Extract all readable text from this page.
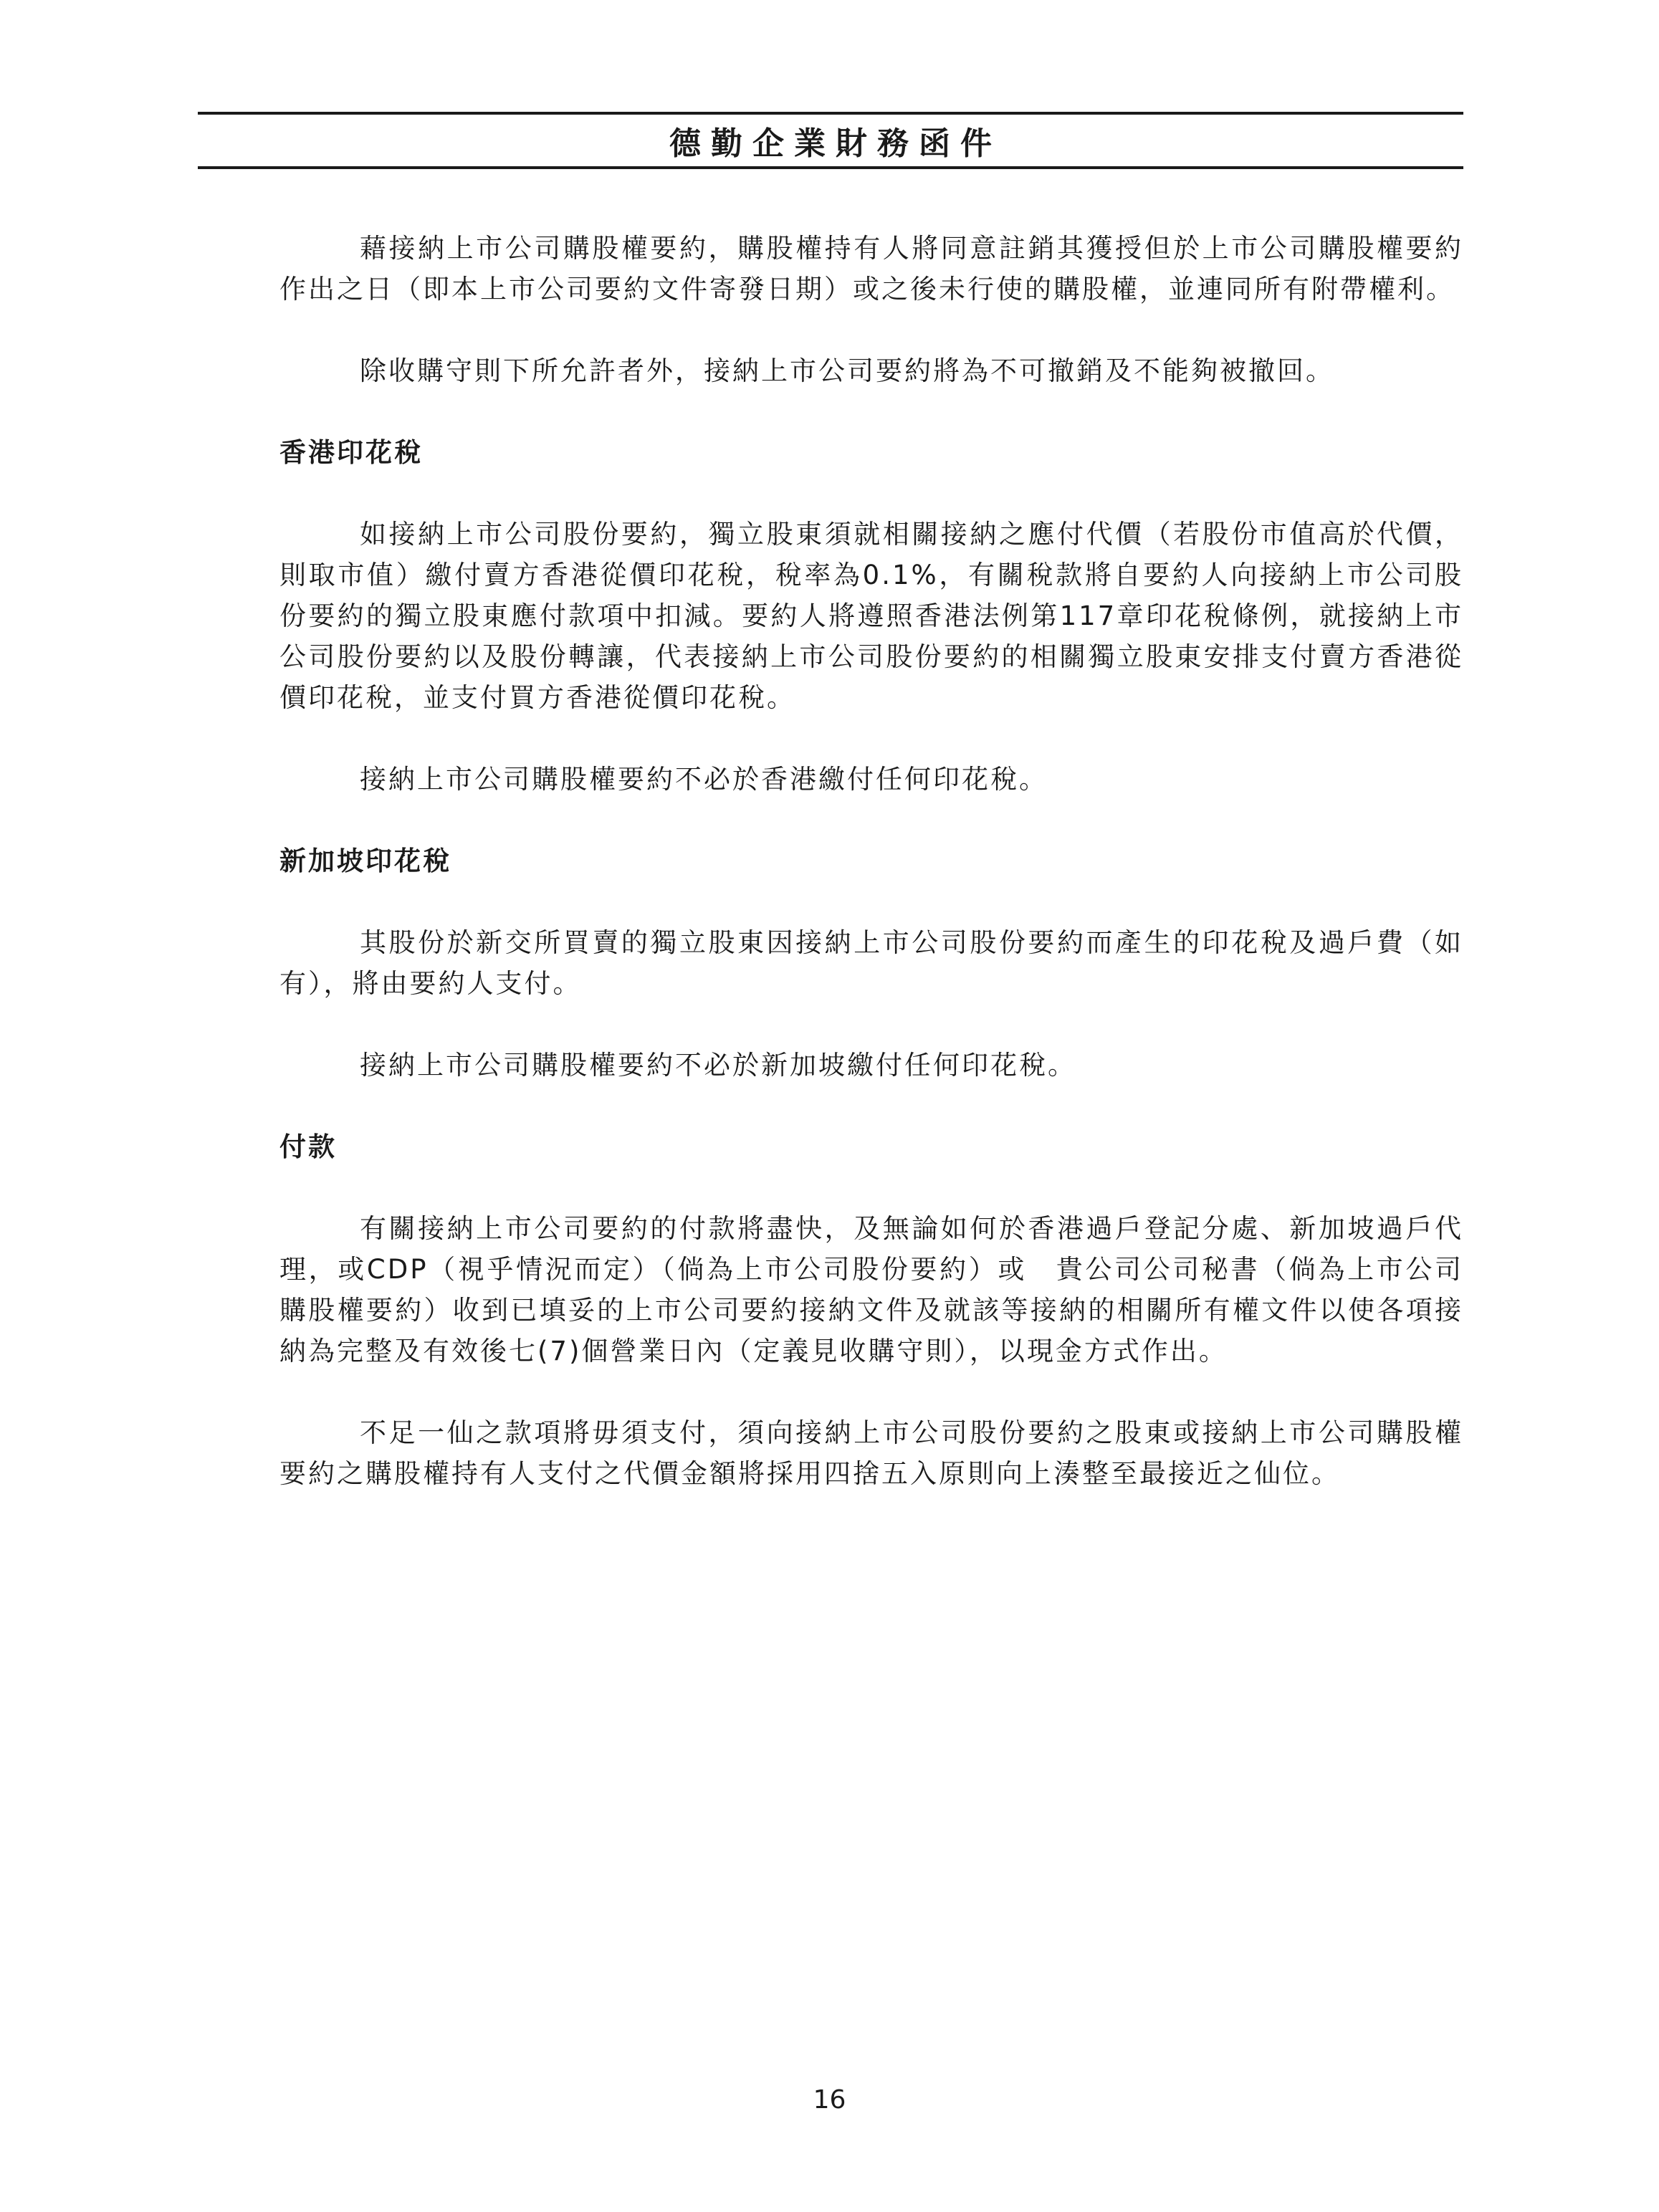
德勤企業財務函件

藉接納上市公司購股權要約，購股權持有人將同意註銷其獲授但於上市公司購股權要約作出之日（即本上市公司要約文件寄發日期）或之後未行使的購股權，並連同所有附帶權利。

除收購守則下所允許者外，接納上市公司要約將為不可撤銷及不能夠被撤回。

香港印花稅

如接納上市公司股份要約，獨立股東須就相關接納之應付代價（若股份市值高於代價，則取市值）繳付賣方香港從價印花稅，稅率為0.1%，有關稅款將自要約人向接納上市公司股份要約的獨立股東應付款項中扣減。要約人將遵照香港法例第117章印花稅條例，就接納上市公司股份要約以及股份轉讓，代表接納上市公司股份要約的相關獨立股東安排支付賣方香港從價印花稅，並支付買方香港從價印花稅。

接納上市公司購股權要約不必於香港繳付任何印花稅。

新加坡印花稅

其股份於新交所買賣的獨立股東因接納上市公司股份要約而產生的印花稅及過戶費（如有），將由要約人支付。

接納上市公司購股權要約不必於新加坡繳付任何印花稅。

付款

有關接納上市公司要約的付款將盡快，及無論如何於香港過戶登記分處、新加坡過戶代理，或CDP（視乎情況而定）（倘為上市公司股份要約）或　貴公司公司秘書（倘為上市公司購股權要約）收到已填妥的上市公司要約接納文件及就該等接納的相關所有權文件以使各項接納為完整及有效後七(7)個營業日內（定義見收購守則），以現金方式作出。

不足一仙之款項將毋須支付，須向接納上市公司股份要約之股東或接納上市公司購股權要約之購股權持有人支付之代價金額將採用四捨五入原則向上湊整至最接近之仙位。

16
